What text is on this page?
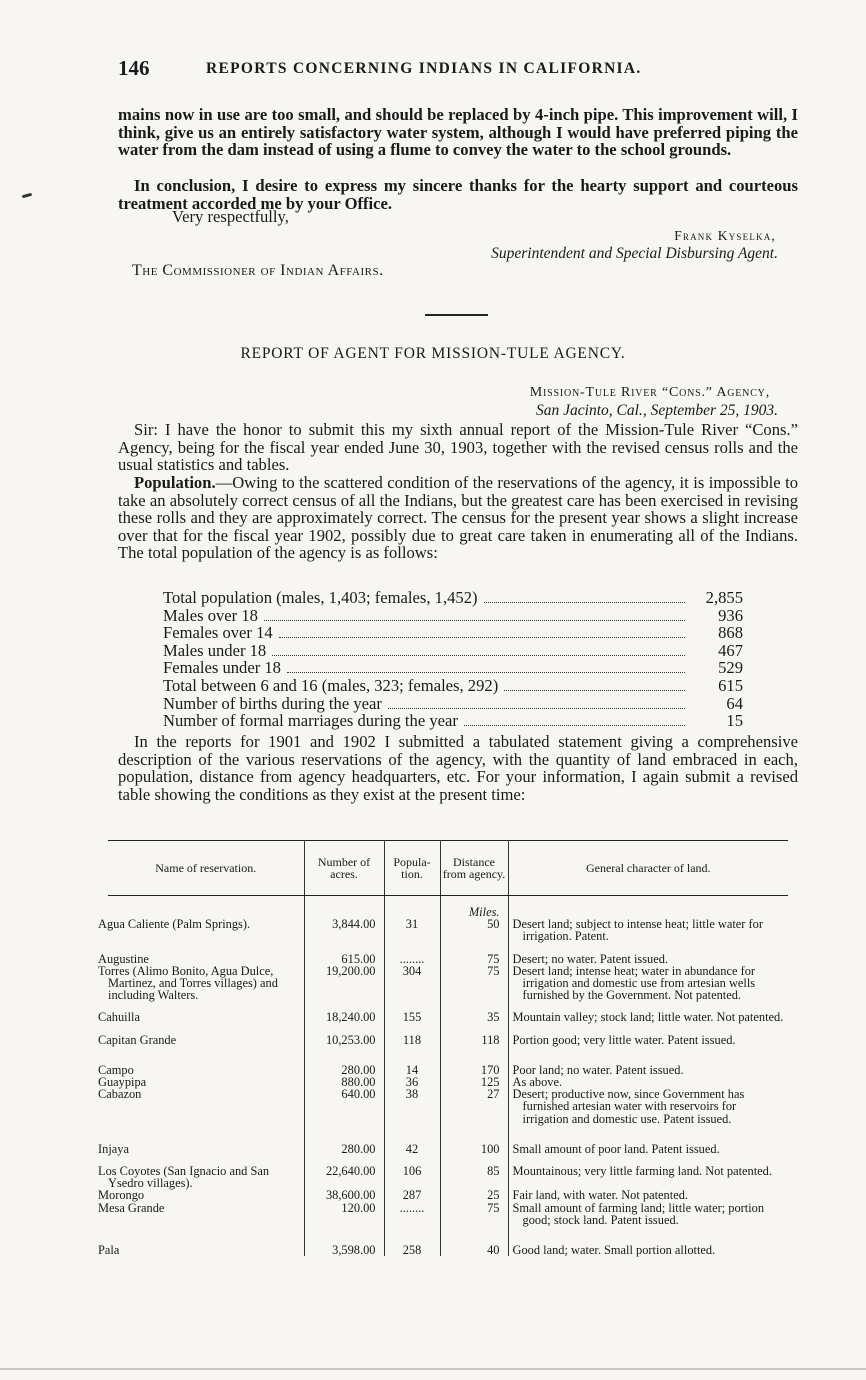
146	REPORTS CONCERNING INDIANS IN CALIFORNIA.

mains now in use are too small, and should be replaced by 4-inch pipe. This improvement will, I think, give us an entirely satisfactory water system, although I would have preferred piping the water from the dam instead of using a flume to convey the water to the school grounds.

In conclusion, I desire to express my sincere thanks for the hearty support and courteous treatment accorded me by your Office.

Very respectfully,
Frank Kyselka,
Superintendent and Special Disbursing Agent.
The Commissioner of Indian Affairs.
REPORT OF AGENT FOR MISSION-TULE AGENCY.
Mission-Tule River “Cons.” Agency,
San Jacinto, Cal., September 25, 1903.

Sir: I have the honor to submit this my sixth annual report of the Mission-Tule River “Cons.” Agency, being for the fiscal year ended June 30, 1903, together with the revised census rolls and the usual statistics and tables.

Population.—Owing to the scattered condition of the reservations of the agency, it is impossible to take an absolutely correct census of all the Indians, but the greatest care has been exercised in revising these rolls and they are approximately correct. The census for the present year shows a slight increase over that for the fiscal year 1902, possibly due to great care taken in enumerating all of the Indians. The total population of the agency is as follows:

Total population (males, 1,403; females, 1,452)	2,855
Males over 18	936
Females over 14	868
Males under 18	467
Females under 18	529
Total between 6 and 16 (males, 323; females, 292)	615
Number of births during the year	64
Number of formal marriages during the year	15

In the reports for 1901 and 1902 I submitted a tabulated statement giving a comprehensive description of the various reservations of the agency, with the quantity of land embraced in each, population, distance from agency headquarters, etc. For your information, I again submit a revised table showing the conditions as they exist at the present time:

Name of reservation.	Number of acres.	Popula-tion.	Distance from agency.	General character of land.
			Miles.	
Agua Caliente (Palm Springs).	3,844.00	31	50	Desert land; subject to intense heat; little water for irrigation. Patent.

Augustine	615.00	........	75	Desert; no water. Patent issued.
Torres (Alimo Bonito, Agua Dulce, Martinez, and Torres villages) and including Walters.	19,200.00	304	75	Desert land; intense heat; water in abundance for irrigation and domestic use from artesian wells furnished by the Government. Not patented.

Cahuilla	18,240.00	155	35	Mountain valley; stock land; little water. Not patented.

Capitan Grande	10,253.00	118	118	Portion good; very little water. Patent issued.

Campo	280.00	14	170	Poor land; no water. Patent issued.
Guaypipa	880.00	36	125	As above.
Cabazon	640.00	38	27	Desert; productive now, since Government has furnished artesian water with reservoirs for irrigation and domestic use. Patent issued.

Injaya	280.00	42	100	Small amount of poor land. Patent issued.

Los Coyotes (San Ignacio and San Ysedro villages).	22,640.00	106	85	Mountainous; very little farming land. Not patented.
Morongo	38,600.00	287	25	Fair land, with water. Not patented.
Mesa Grande	120.00	........	75	Small amount of farming land; little water; portion good; stock land. Patent issued.

Pala	3,598.00	258	40	Good land; water. Small portion allotted.
